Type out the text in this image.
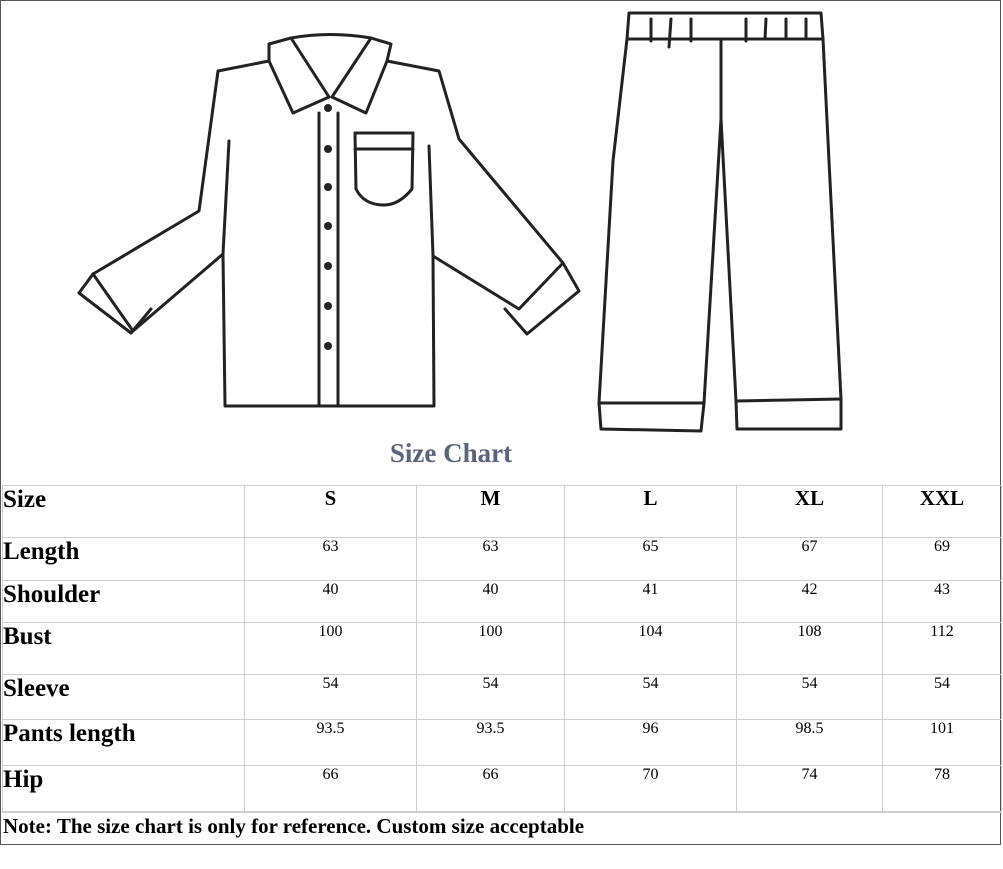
Size Chart
Size	S	M	L	XL	XXL
Length	63	63	65	67	69
Shoulder	40	40	41	42	43
Bust	100	100	104	108	112
Sleeve	54	54	54	54	54
Pants length	93.5	93.5	96	98.5	101
Hip	66	66	70	74	78
Note: The size chart is only for reference. Custom size acceptable
